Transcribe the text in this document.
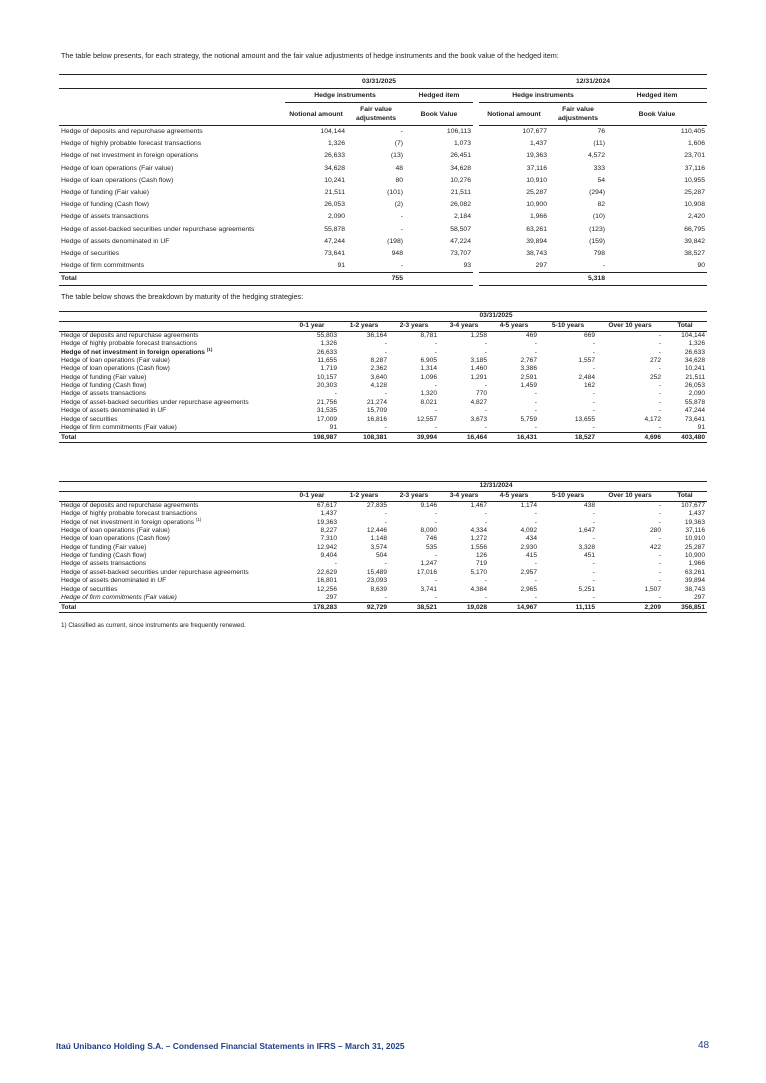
The table below presents, for each strategy, the notional amount and the fair value adjustments of hedge instruments and the book value of the hedged item:
	03/31/2025				12/31/2024		
	Hedge instruments		Hedged item		Hedge instruments		Hedged item
	Notional amount	Fair value
adjustments	Book Value		Notional amount	Fair value
adjustments	Book Value
Hedge of deposits and repurchase agreements	104,144	-	106,113		107,677	76	110,405
Hedge of highly probable forecast transactions	1,326	(7)	1,073		1,437	(11)	1,606
Hedge of net investment in foreign operations	26,633	(13)	26,451		19,363	4,572	23,701
Hedge of loan operations (Fair value)	34,628	48	34,628		37,116	333	37,116
Hedge of loan operations (Cash flow)	10,241	80	10,276		10,910	54	10,955
Hedge of funding (Fair value)	21,511	(101)	21,511		25,287	(294)	25,287
Hedge of funding (Cash flow)	26,053	(2)	26,082		10,900	82	10,908
Hedge of assets transactions	2,090	-	2,184		1,966	(10)	2,420
Hedge of asset-backed securities under repurchase agreements	55,878	-	58,507		63,261	(123)	66,795
Hedge of assets denominated in UF	47,244	(198)	47,224		39,894	(159)	39,842
Hedge of securities	73,641	948	73,707		38,743	798	38,527
Hedge of firm commitments	91	-	93		297	-	90
Total		755				5,318	
The table below shows the breakdown by maturity of the hedging strategies:
	03/31/2025							
	0-1 year	1-2 years	2-3 years	3-4 years	4-5 years	5-10 years	Over 10 years	Total
Hedge of deposits and repurchase agreements	55,803	36,164	8,781	1,258	469	669	-	104,144
Hedge of highly probable forecast transactions	1,326	-	-	-	-	-	-	1,326
Hedge of net investment in foreign operations $^{(1)}$	26,633	-	-	-	-	-	-	26,633
Hedge of loan operations (Fair value)	11,655	8,287	6,905	3,185	2,767	1,557	272	34,628
Hedge of loan operations (Cash flow)	1,719	2,362	1,314	1,460	3,386	-	-	10,241
Hedge of funding (Fair value)	10,157	3,640	1,096	1,291	2,591	2,484	252	21,511
Hedge of funding (Cash flow)	20,303	4,128	-	-	1,459	162	-	26,053
Hedge of assets transactions	-	-	1,320	770	-	-	-	2,090
Hedge of asset-backed securities under repurchase agreements	21,756	21,274	8,021	4,827	-	-	-	55,878
Hedge of assets denominated in UF	31,535	15,709	-	-	-	-	-	47,244
Hedge of securities	17,009	16,816	12,557	3,673	5,759	13,655	4,172	73,641
Hedge of firm commitments (Fair value)	91	-	-	-	-	-	-	91
Total	198,987	108,381	39,994	16,464	16,431	18,527	4,696	403,480
	12/31/2024							
	0-1 year	1-2 years	2-3 years	3-4 years	4-5 years	5-10 years	Over 10 years	Total
Hedge of deposits and repurchase agreements	67,617	27,835	9,146	1,467	1,174	438	-	107,677
Hedge of highly probable forecast transactions	1,437	-	-	-	-	-	-	1,437
Hedge of net investment in foreign operations $^{(1)}$	19,363	-	-	-	-	-	-	19,363
Hedge of loan operations (Fair value)	8,227	12,446	8,090	4,334	4,092	1,647	280	37,116
Hedge of loan operations (Cash flow)	7,310	1,148	746	1,272	434	-	-	10,910
Hedge of funding (Fair value)	12,942	3,574	535	1,556	2,930	3,328	422	25,287
Hedge of funding (Cash flow)	9,404	504	-	126	415	451	-	10,900
Hedge of assets transactions	-	-	1,247	719	-	-	-	1,966
Hedge of asset-backed securities under repurchase agreements	22,629	15,489	17,016	5,170	2,957	-	-	63,261
Hedge of assets denominated in UF	16,801	23,093	-	-	-	-	-	39,894
Hedge of securities	12,256	8,639	3,741	4,384	2,965	5,251	1,507	38,743
Hedge of firm commitments (Fair value)	297	-	-	-	-	-	-	297
Total	178,283	92,729	38,521	19,028	14,967	11,115	2,209	356,851
1) Classified as current, since instruments are frequently renewed.
Itaú Unibanco Holding S.A. – Condensed Financial Statements in IFRS – March 31, 2025	48
